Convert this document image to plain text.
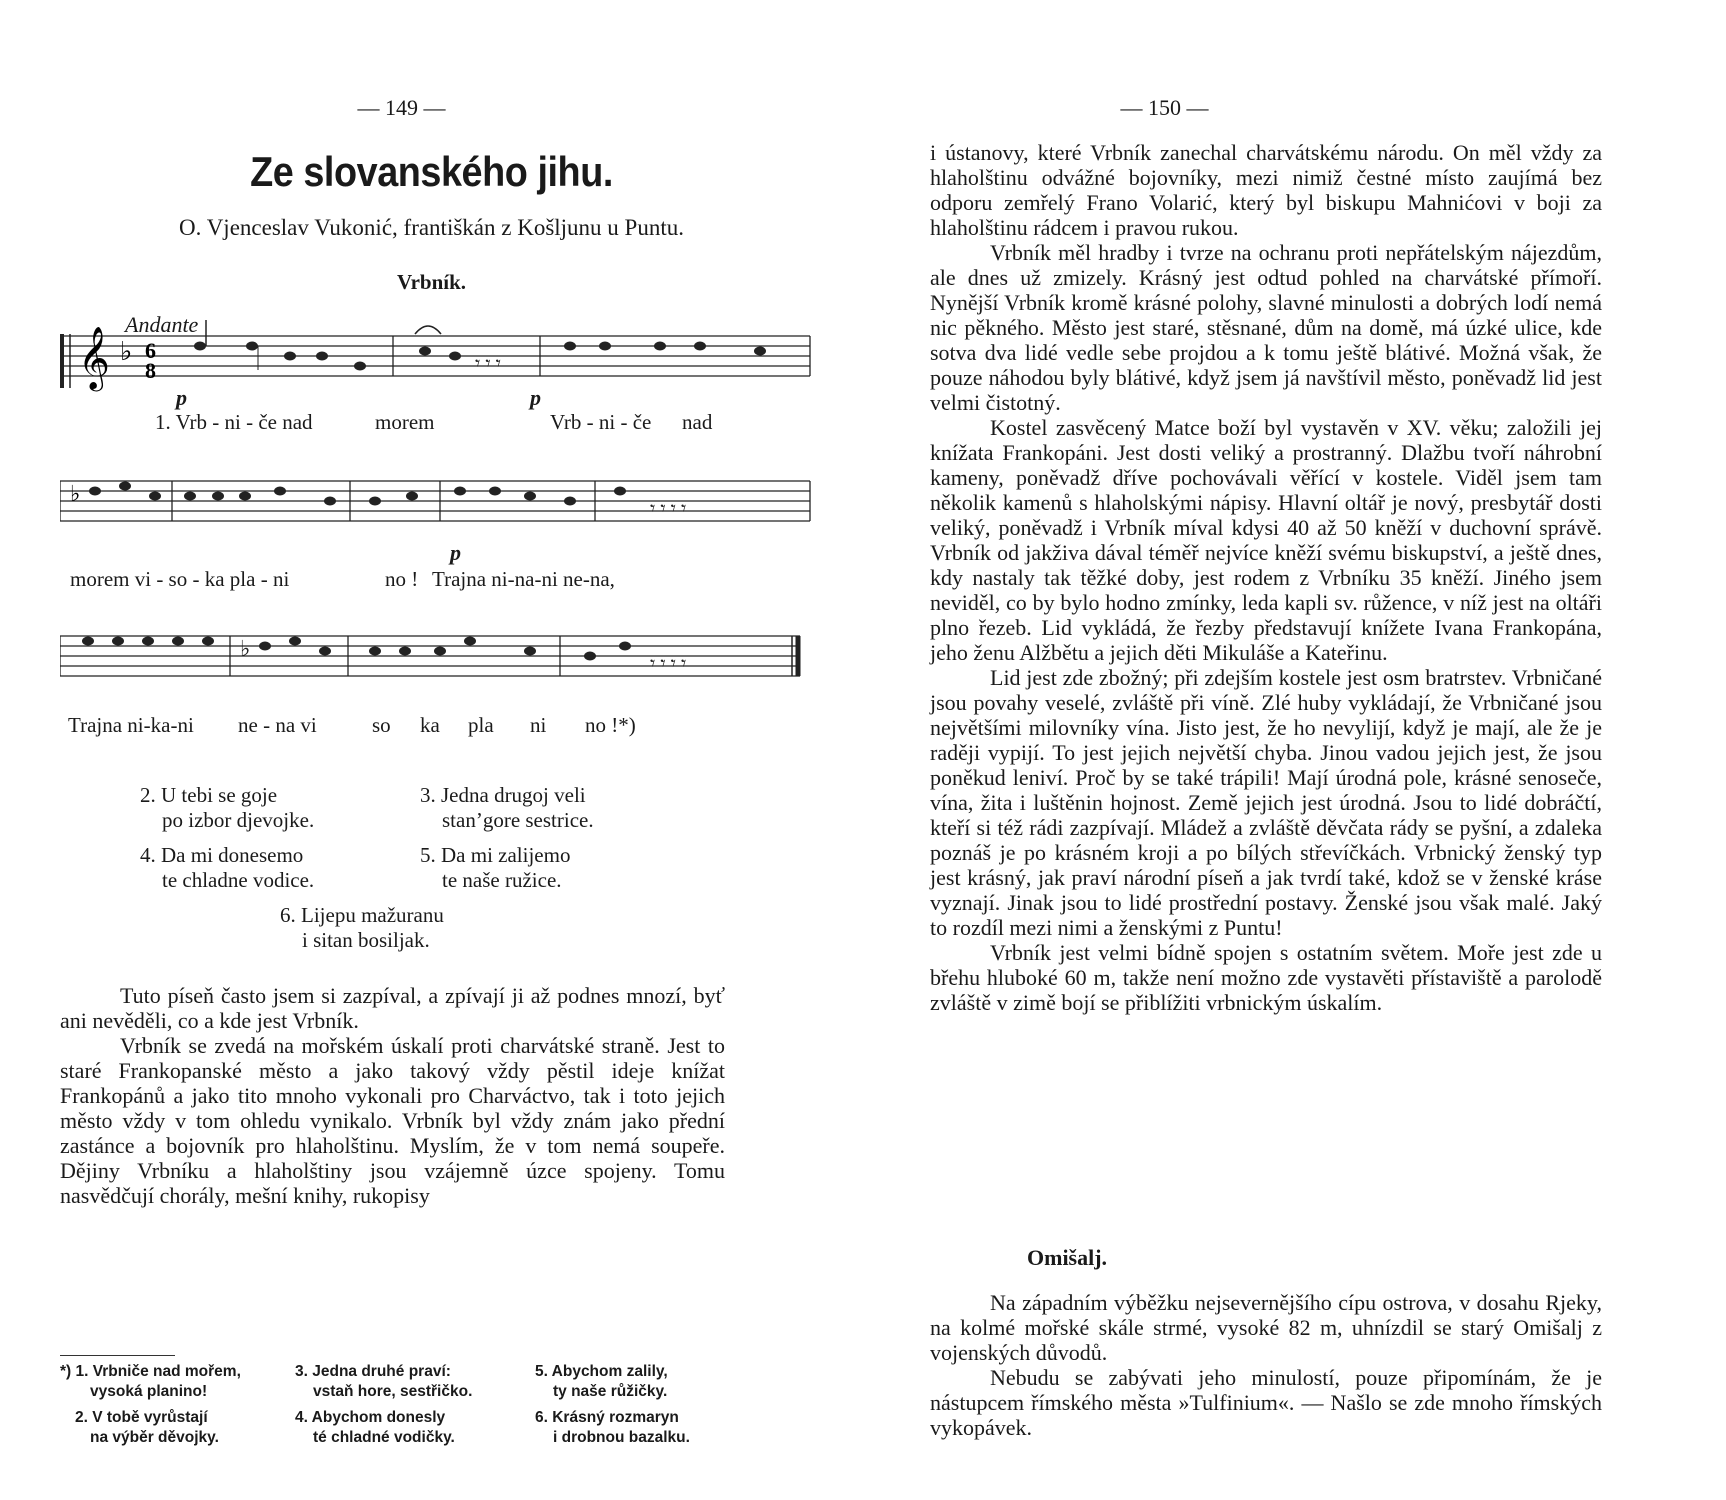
— 149 —
Ze slovanského jihu.
O. Vjenceslav Vukonić, františkán z Košljunu u Puntu.
Vrbník.
Andante
𝄞 ♭ 6
8	𝄾 𝄾 𝄾
p	p
1. Vrb - ni - če nad	morem	Vrb - ni - če nad
♭
𝄾 𝄾 𝄾 𝄾
p
morem vi - so - ka pla - ni	no ! Trajna ni-na-ni ne-na,
♭
𝄾 𝄾 𝄾 𝄾
Trajna ni-ka-ni ne - na vi	so ka pla ni no !*)
2. U tebi se goje
po izbor djevojke.
3. Jedna drugoj veli
stan’gore sestrice.
4. Da mi donesemo
te chladne vodice.
5. Da mi zalijemo
te naše ružice.
6. Lijepu mažuranu
i sitan bosiljak.

Tuto píseň často jsem si zazpíval, a zpívají ji až podnes mnozí, byť ani nevěděli, co a kde jest Vrbník.

Vrbník se zvedá na mořském úskalí proti charvátské straně. Jest to staré Frankopanské město a jako takový vždy pěstil ideje knížat Frankopánů a jako tito mnoho vykonali pro Charváctvo, tak i toto jejich město vždy v tom ohledu vynikalo. Vrbník byl vždy znám jako přední zastánce a bojovník pro hlaholštinu. Myslím, že v tom nemá soupeře. Dějiny Vrbníku a hlaholštiny jsou vzájemně úzce spojeny. Tomu nasvědčují chorály, mešní knihy, rukopisy

*) 1. Vrbniče nad mořem,
vysoká planino!
3. Jedna druhé praví:
vstaň hore, sestřičko.
5. Abychom zalily,
ty naše růžičky.
2. V tobě vyrůstají
na výběr děvojky.
4. Abychom donesly
té chladné vodičky.
6. Krásný rozmaryn
i drobnou bazalku.
— 150 —

i ústanovy, které Vrbník zanechal charvátskému národu. On měl vždy za hlaholštinu odvážné bojovníky, mezi nimiž čestné místo zaujímá bez odporu zemřelý Frano Volarić, který byl biskupu Mahnićovi v boji za hlaholštinu rádcem i pravou rukou.

Vrbník měl hradby i tvrze na ochranu proti nepřátelským nájezdům, ale dnes už zmizely. Krásný jest odtud pohled na charvátské přímoří. Nynější Vrbník kromě krásné polohy, slavné minulosti a dobrých lodí nemá nic pěkného. Město jest staré, stěsnané, dům na domě, má úzké ulice, kde sotva dva lidé vedle sebe projdou a k tomu ještě blátivé. Možná však, že pouze náhodou byly blátivé, když jsem já navštívil město, poněvadž lid jest velmi čistotný.

Kostel zasvěcený Matce boží byl vystavěn v XV. věku; založili jej knížata Frankopáni. Jest dosti veliký a prostranný. Dlažbu tvoří náhrobní kameny, poněvadž dříve pochovávali věřící v kostele. Viděl jsem tam několik kamenů s hlaholskými nápisy. Hlavní oltář je nový, presbytář dosti veliký, poněvadž i Vrbník míval kdysi 40 až 50 kněží v duchovní správě. Vrbník od jakživa dával téměř nejvíce kněží svému biskupství, a ještě dnes, kdy nastaly tak těžké doby, jest rodem z Vrbníku 35 kněží. Jiného jsem neviděl, co by bylo hodno zmínky, leda kapli sv. růžence, v níž jest na oltáři plno řezeb. Lid vykládá, že řezby představují knížete Ivana Frankopána, jeho ženu Alžbětu a jejich děti Mikuláše a Kateřinu.

Lid jest zde zbožný; při zdejším kostele jest osm bratrstev. Vrbničané jsou povahy veselé, zvláště při víně. Zlé huby vykládají, že Vrbničané jsou největšími milovníky vína. Jisto jest, že ho nevylijí, když je mají, ale že je raději vypijí. To jest jejich největší chyba. Jinou vadou jejich jest, že jsou poněkud leniví. Proč by se také trápili! Mají úrodná pole, krásné senoseče, vína, žita i luštěnin hojnost. Země jejich jest úrodná. Jsou to lidé dobráčtí, kteří si též rádi zazpívají. Mládež a zvláště děvčata rády se pyšní, a zdaleka poznáš je po krásném kroji a po bílých střevíčkách. Vrbnický ženský typ jest krásný, jak praví národní píseň a jak tvrdí také, kdož se v ženské kráse vyznají. Jinak jsou to lidé prostřední postavy. Ženské jsou však malé. Jaký to rozdíl mezi nimi a ženskými z Puntu!

Vrbník jest velmi bídně spojen s ostatním světem. Moře jest zde u břehu hluboké 60 m, takže není možno zde vystavěti přístaviště a parolodě zvláště v zimě bojí se přiblížiti vrbnickým úskalím.

Omišalj.

Na západním výběžku nejsevernějšího cípu ostrova, v dosahu Rjeky, na kolmé mořské skále strmé, vysoké 82 m, uhnízdil se starý Omišalj z vojenských důvodů.

Nebudu se zabývati jeho minulostí, pouze připomínám, že je nástupcem římského města »Tulfinium«. — Našlo se zde mnoho římských vykopávek.
